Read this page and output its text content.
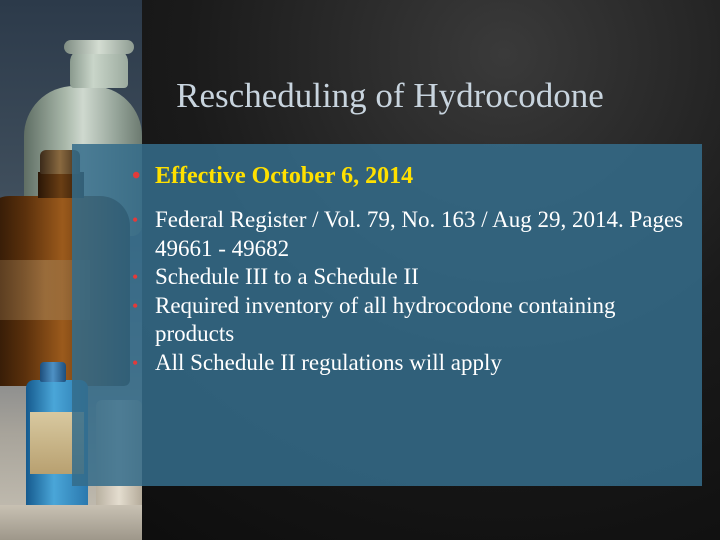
Rescheduling of Hydrocodone
• Effective October 6, 2014
• Federal Register / Vol. 79, No. 163 / Aug 29, 2014. Pages 49661 - 49682
• Schedule III to a Schedule II
• Required inventory of all hydrocodone containing products
• All Schedule II regulations will apply
